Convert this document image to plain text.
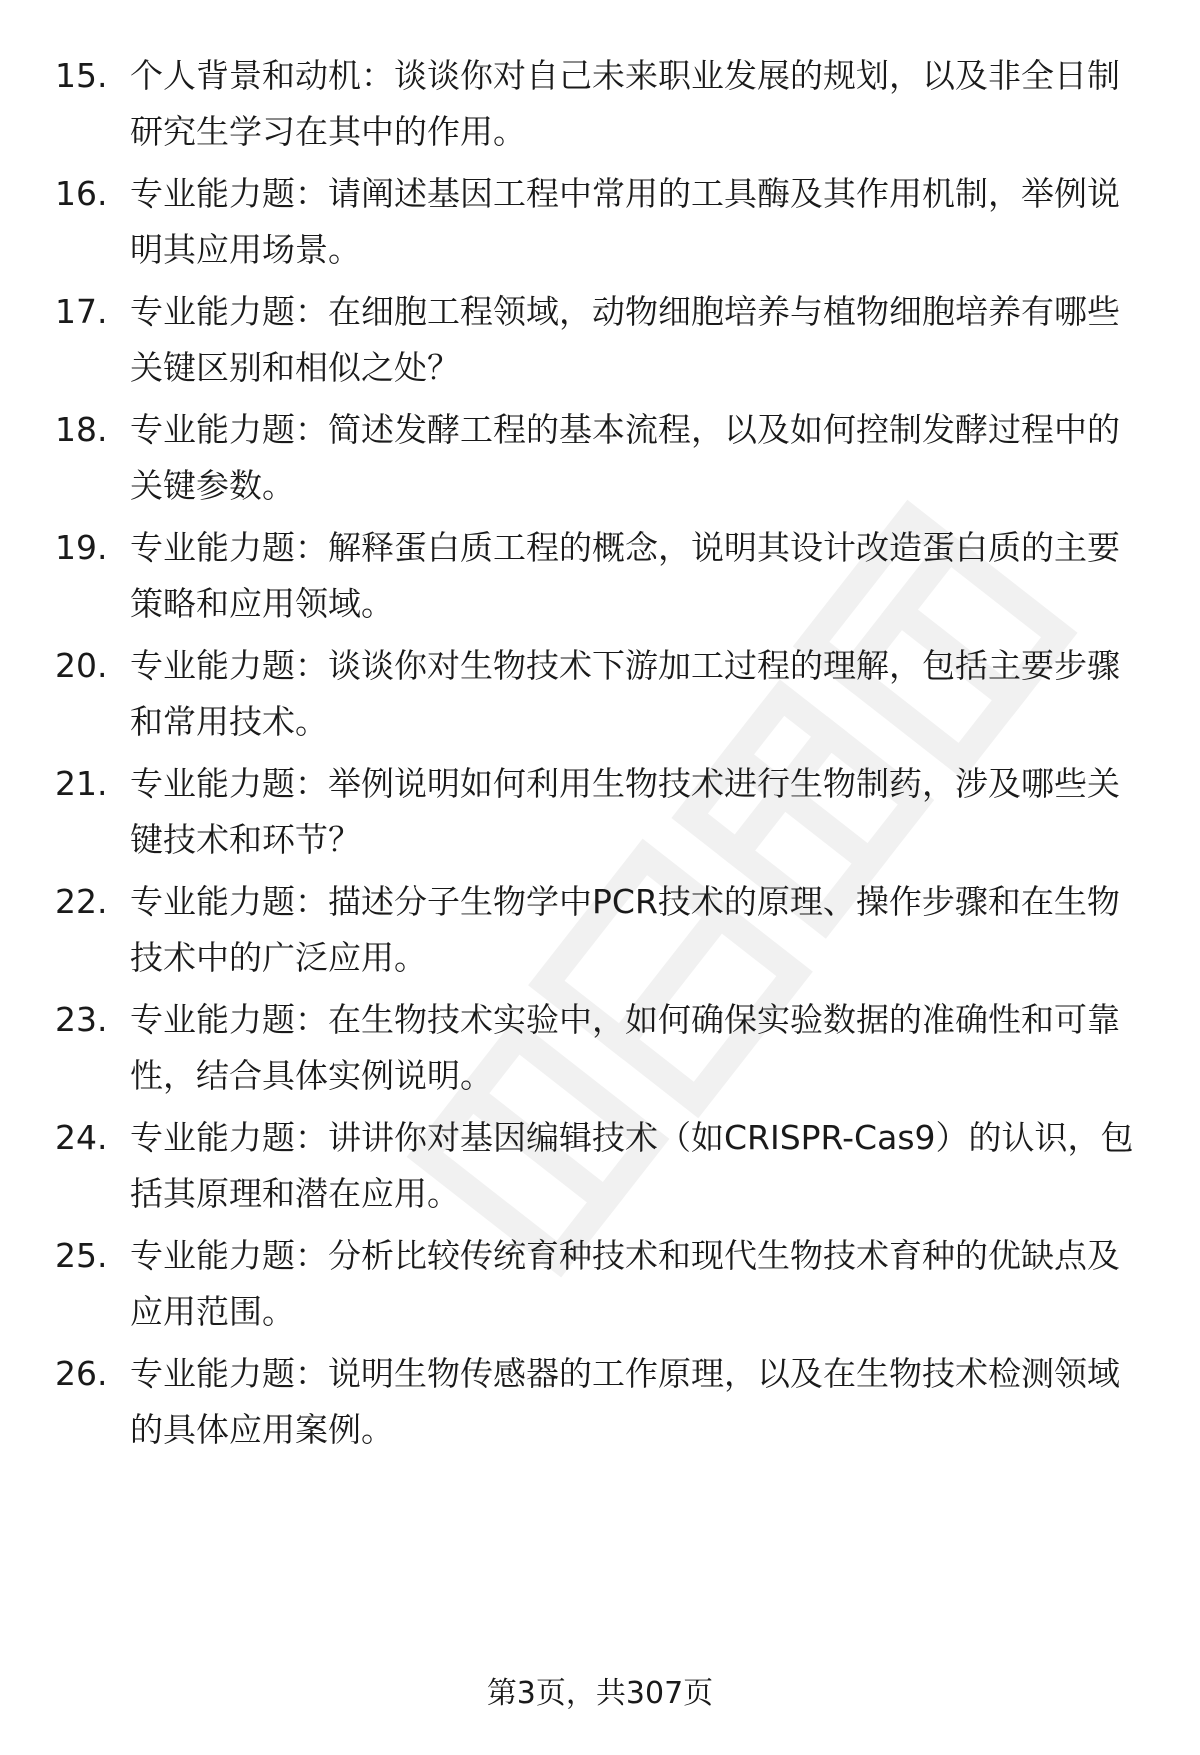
15. 个人背景和动机：谈谈你对自己未来职业发展的规划，以及非全日制研究生学习在其中的作用。
16. 专业能力题：请阐述基因工程中常用的工具酶及其作用机制，举例说明其应用场景。
17. 专业能力题：在细胞工程领域，动物细胞培养与植物细胞培养有哪些关键区别和相似之处？
18. 专业能力题：简述发酵工程的基本流程，以及如何控制发酵过程中的关键参数。
19. 专业能力题：解释蛋白质工程的概念，说明其设计改造蛋白质的主要策略和应用领域。
20. 专业能力题：谈谈你对生物技术下游加工过程的理解，包括主要步骤和常用技术。
21. 专业能力题：举例说明如何利用生物技术进行生物制药，涉及哪些关键技术和环节？
22. 专业能力题：描述分子生物学中PCR技术的原理、操作步骤和在生物技术中的广泛应用。
23. 专业能力题：在生物技术实验中，如何确保实验数据的准确性和可靠性，结合具体实例说明。
24. 专业能力题：讲讲你对基因编辑技术（如CRISPR-Cas9）的认识，包括其原理和潜在应用。
25. 专业能力题：分析比较传统育种技术和现代生物技术育种的优缺点及应用范围。
26. 专业能力题：说明生物传感器的工作原理，以及在生物技术检测领域的具体应用案例。
第3页，共307页
